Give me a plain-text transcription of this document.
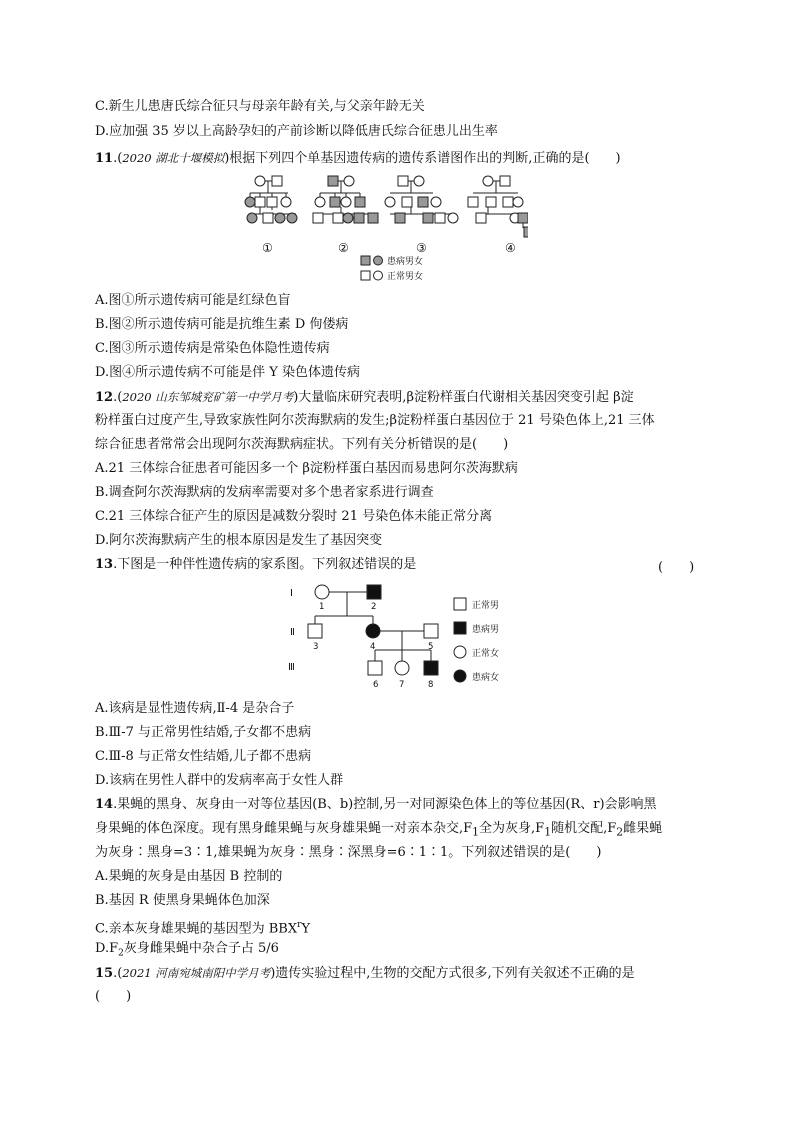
C.新生儿患唐氏综合征只与母亲年龄有关,与父亲年龄无关
D.应加强 35 岁以上高龄孕妇的产前诊断以降低唐氏综合征患儿出生率
11.(2020 湖北十堰模拟)根据下列四个单基因遗传病的遗传系谱图作出的判断,正确的是(　　)
①	②	③	④
患病男女
正常男女
A.图①所示遗传病可能是红绿色盲
B.图②所示遗传病可能是抗维生素 D 佝偻病
C.图③所示遗传病是常染色体隐性遗传病
D.图④所示遗传病不可能是伴 Y 染色体遗传病
12.(2020 山东邹城兖矿第一中学月考)大量临床研究表明,β淀粉样蛋白代谢相关基因突变引起 β淀
粉样蛋白过度产生,导致家族性阿尔茨海默病的发生;β淀粉样蛋白基因位于 21 号染色体上,21 三体
综合征患者常常会出现阿尔茨海默病症状。下列有关分析错误的是(　　)
A.21 三体综合征患者可能因多一个 β淀粉样蛋白基因而易患阿尔茨海默病
B.调查阿尔茨海默病的发病率需要对多个患者家系进行调查
C.21 三体综合征产生的原因是减数分裂时 21 号染色体未能正常分离
D.阿尔茨海默病产生的根本原因是发生了基因突变
13.下图是一种伴性遗传病的家系图。下列叙述错误的是	(　　)
Ⅰ
Ⅱ
Ⅲ
1	2
3	4	5
6 7	8
正常男
患病男
正常女
患病女
A.该病是显性遗传病,Ⅱ-4 是杂合子
B.Ⅲ-7 与正常男性结婚,子女都不患病
C.Ⅲ-8 与正常女性结婚,儿子都不患病
D.该病在男性人群中的发病率高于女性人群
14.果蝇的黑身、灰身由一对等位基因(B、b)控制,另一对同源染色体上的等位基因(R、r)会影响黑
身果蝇的体色深度。现有黑身雌果蝇与灰身雄果蝇一对亲本杂交$,F_1$全为灰身$,F_1$随机交配$,F_2$雌果蝇
为灰身∶黑身=3∶1,雄果蝇为灰身∶黑身∶深黑身=6∶1∶1。下列叙述错误的是(　　)
A.果蝇的灰身是由基因 B 控制的
B.基因 R 使黑身果蝇体色加深
C.亲本灰身雄果蝇的基因型为 BBX$^r$Y
$D.F_2$灰身雌果蝇中杂合子占 5/6
15.(2021 河南宛城南阳中学月考)遗传实验过程中,生物的交配方式很多,下列有关叙述不正确的是
(　　)
